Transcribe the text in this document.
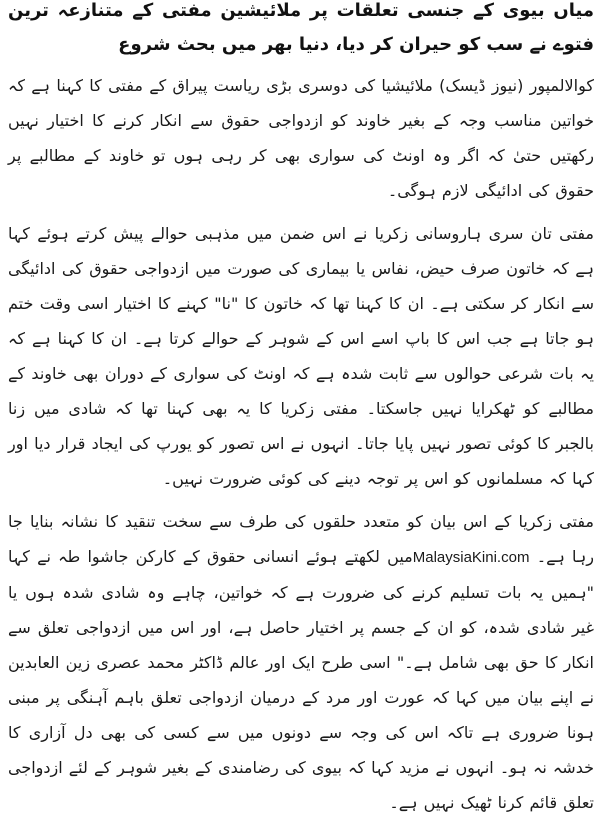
میاں بیوی کے جنسی تعلقات پر ملائیشین مفتی کے متنازعہ ترین فتوے نے سب کو حیران کر دیا، دنیا بھر میں بحث شروع

کوالالمپور (نیوز ڈیسک) ملائیشیا کی دوسری بڑی ریاست پیراق کے مفتی کا کہنا ہے کہ خواتین مناسب وجہ کے بغیر خاوند کو ازدواجی حقوق سے انکار کرنے کا اختیار نہیں رکھتیں حتیٰ کہ اگر وہ اونٹ کی سواری بھی کر رہی ہوں تو خاوند کے مطالبے پر حقوق کی ادائیگی لازم ہوگی۔

مفتی تان سری ہاروسانی زکریا نے اس ضمن میں مذہبی حوالے پیش کرتے ہوئے کہا ہے کہ خاتون صرف حیض، نفاس یا بیماری کی صورت میں ازدواجی حقوق کی ادائیگی سے انکار کر سکتی ہے۔ ان کا کہنا تھا کہ خاتون کا "نا" کہنے کا اختیار اسی وقت ختم ہو جاتا ہے جب اس کا باپ اسے اس کے شوہر کے حوالے کرتا ہے۔ ان کا کہنا ہے کہ یہ بات شرعی حوالوں سے ثابت شدہ ہے کہ اونٹ کی سواری کے دوران بھی خاوند کے مطالبے کو ٹھکرایا نہیں جاسکتا۔ مفتی زکریا کا یہ بھی کہنا تھا کہ شادی میں زنا بالجبر کا کوئی تصور نہیں پایا جاتا۔ انہوں نے اس تصور کو یورپ کی ایجاد قرار دیا اور کہا کہ مسلمانوں کو اس پر توجہ دینے کی کوئی ضرورت نہیں۔

مفتی زکریا کے اس بیان کو متعدد حلقوں کی طرف سے سخت تنقید کا نشانہ بنایا جا رہا ہے۔ MalaysiaKini.comمیں لکھتے ہوئے انسانی حقوق کے کارکن جاشوا طہ نے کہا "ہمیں یہ بات تسلیم کرنے کی ضرورت ہے کہ خواتین، چاہے وہ شادی شدہ ہوں یا غیر شادی شدہ، کو ان کے جسم پر اختیار حاصل ہے، اور اس میں ازدواجی تعلق سے انکار کا حق بھی شامل ہے۔" اسی طرح ایک اور عالم ڈاکٹر محمد عصری زین العابدین نے اپنے بیان میں کہا کہ عورت اور مرد کے درمیان ازدواجی تعلق باہم آہنگی پر مبنی ہونا ضروری ہے تاکہ اس کی وجہ سے دونوں میں سے کسی کی بھی دل آزاری کا خدشہ نہ ہو۔ انہوں نے مزید کہا کہ بیوی کی رضامندی کے بغیر شوہر کے لئے ازدواجی تعلق قائم کرنا ٹھیک نہیں ہے۔
